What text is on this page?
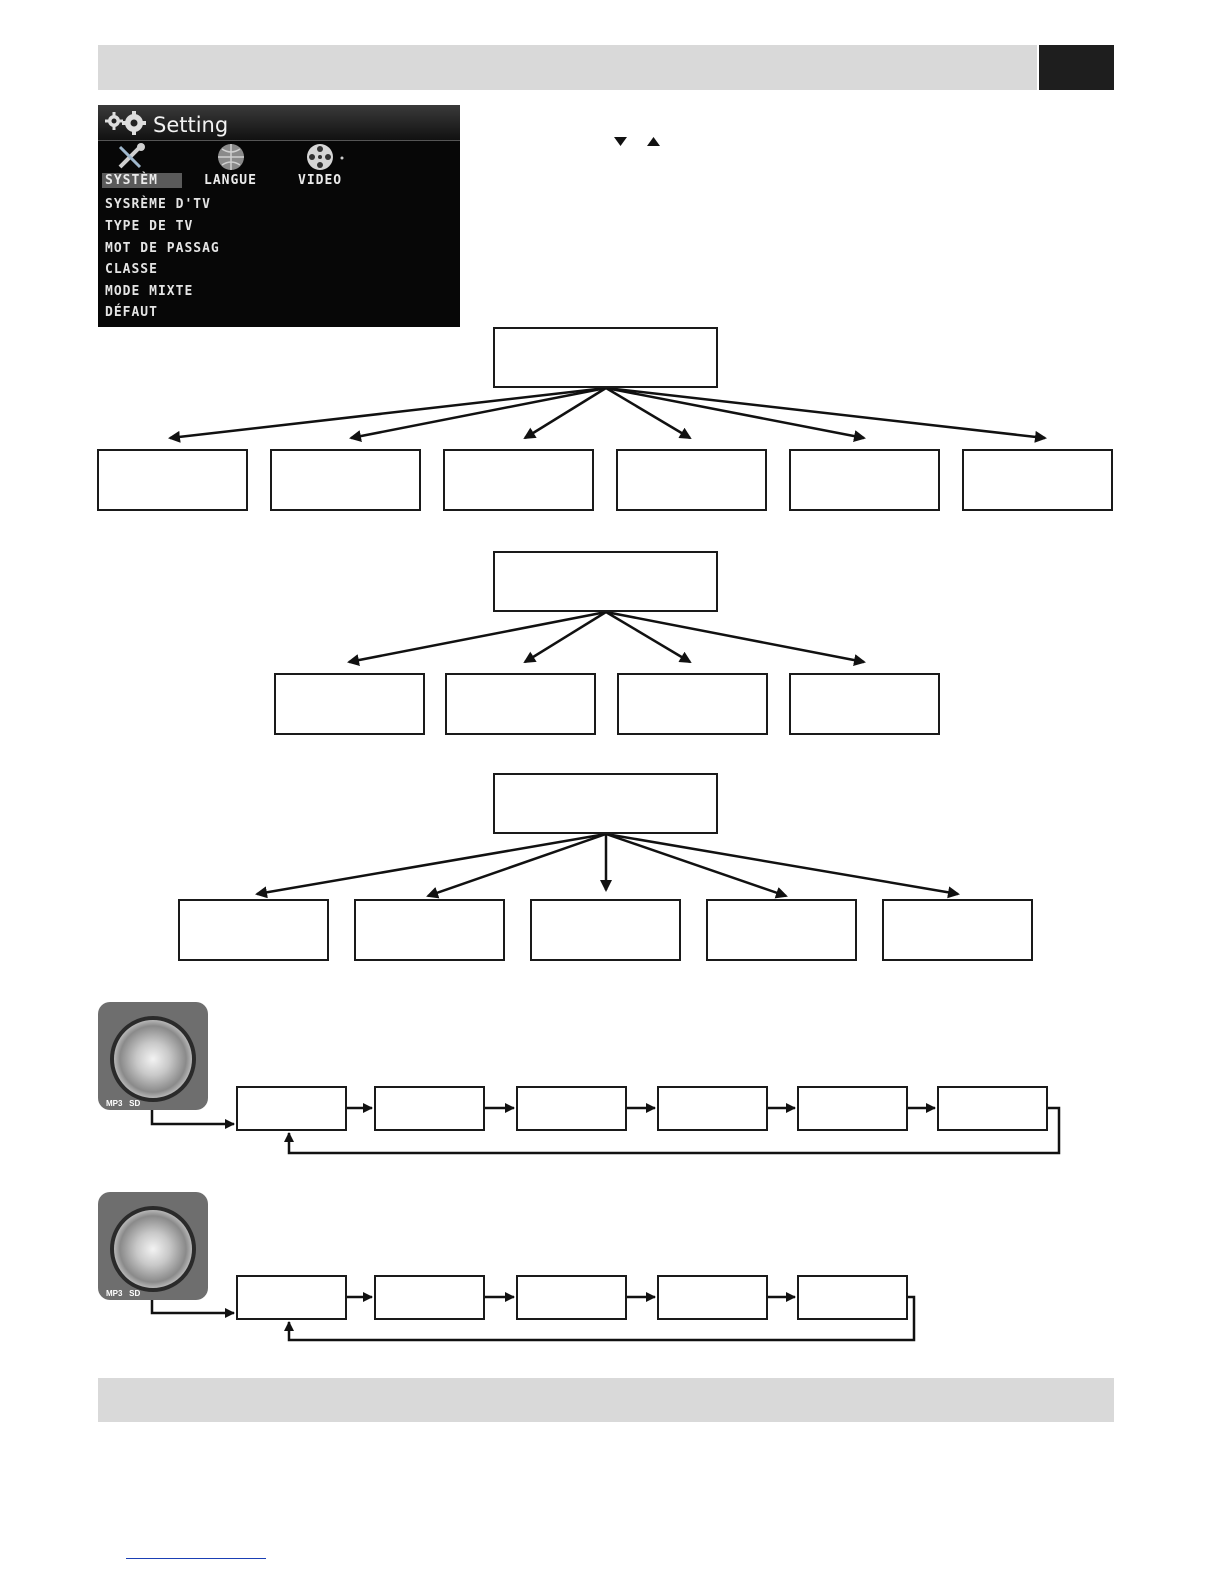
Setting
SYSTÈM	LANGUE	VIDEO
SYSRÈME D'TV
TYPE DE TV
MOT DE PASSAG
CLASSE
MODE MIXTE
DÉFAUT
MP3   SD
MP3   SD
